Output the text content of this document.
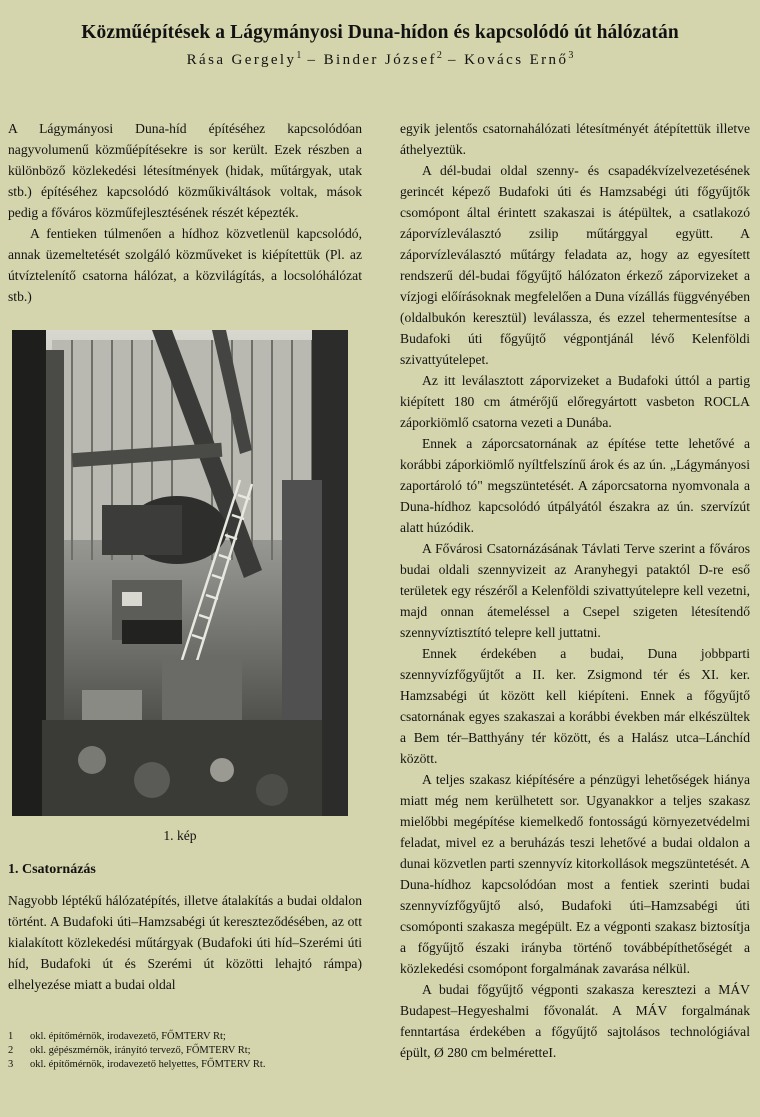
Közműépítések a Lágymányosi Duna-hídon és kapcsolódó út hálózatán
Rása Gergely$^1$ – Binder József$^2$ – Kovács Ernő$^3$

A Lágymányosi Duna-híd építéséhez kapcsolódóan nagyvolumenű közműépítésekre is sor került. Ezek részben a különböző közlekedési létesítmények (hidak, műtárgyak, utak stb.) építéséhez kapcsolódó közműkiváltások voltak, mások pedig a főváros közműfejlesztésének részét képezték.

A fentieken túlmenően a hídhoz közvetlenül kapcsolódó, annak üzemeltetését szolgáló közműveket is kiépítettük (Pl. az útvíztelenítő csatorna hálózat, a közvilágítás, a locsolóhálózat stb.)

1. kép
1. Csatornázás

Nagyobb léptékű hálózatépítés, illetve átalakítás a budai oldalon történt. A Budafoki úti–Hamzsabégi út kereszteződésében, az ott kialakított közlekedési műtárgyak (Budafoki úti híd–Szerémi úti híd, Budafoki út és Szerémi út közötti lehajtó rámpa) elhelyezése miatt a budai oldal

1	okl. építőmérnök, irodavezető, FŐMTERV Rt;
2	okl. gépészmérnök, irányító tervező, FŐMTERV Rt;
3	okl. építőmérnök, irodavezető helyettes, FŐMTERV Rt.

egyik jelentős csatornahálózati létesítményét átépítettük illetve áthelyeztük.

A dél-budai oldal szenny- és csapadékvízelvezetésének gerincét képező Budafoki úti és Hamzsabégi úti főgyűjtők csomópont által érintett szakaszai is átépültek, a csatlakozó záporvízleválasztó zsilip műtárggyal együtt. A záporvízleválasztó műtárgy feladata az, hogy az egyesített rendszerű dél-budai főgyűjtő hálózaton érkező záporvizeket a vízjogi előírásoknak megfelelően a Duna vízállás függvényében (oldalbukón keresztül) leválassza, és ezzel tehermentesítse a Budafoki úti főgyűjtő végpontjánál lévő Kelenföldi szivattyútelepet.

Az itt leválasztott záporvizeket a Budafoki úttól a partig kiépített 180 cm átmérőjű előregyártott vasbeton ROCLA záporkiömlő csatorna vezeti a Dunába.

Ennek a záporcsatornának az építése tette lehetővé a korábbi záporkiömlő nyíltfelszínű árok és az ún. „Lágymányosi zaportároló tó" megszüntetését. A záporcsatorna nyomvonala a Duna-hídhoz kapcsolódó útpályától északra az ún. szervízút alatt húzódik.

A Fővárosi Csatornázásának Távlati Terve szerint a főváros budai oldali szennyvizeit az Aranyhegyi pataktól D-re eső területek egy részéről a Kelenföldi szivattyútelepre kell vezetni, majd onnan átemeléssel a Csepel szigeten létesítendő szennyvíztisztító telepre kell juttatni.

Ennek érdekében a budai, Duna jobbparti szennyvízfőgyűjtőt a II. ker. Zsigmond tér és XI. ker. Hamzsabégi út között kell kiépíteni. Ennek a főgyűjtő csatornának egyes szakaszai a korábbi években már elkészültek a Bem tér–Batthyány tér között, és a Halász utca–Lánchíd között.

A teljes szakasz kiépítésére a pénzügyi lehetőségek hiánya miatt még nem kerülhetett sor. Ugyanakkor a teljes szakasz mielőbbi megépítése kiemelkedő fontosságú környezetvédelmi feladat, mivel ez a beruházás teszi lehetővé a budai oldalon a dunai közvetlen parti szennyvíz kitorkollások megszüntetését. A Duna-hídhoz kapcsolódóan most a fentiek szerinti budai szennyvízfőgyűjtő alsó, Budafoki úti–Hamzsabégi úti csomóponti szakasza megépült. Ez a végponti szakasz biztosítja a főgyűjtő északi irányba történő továbbépíthetőségét a közlekedési csomópont forgalmának zavarása nélkül.

A budai főgyűjtő végponti szakasza keresztezi a MÁV Budapest–Hegyeshalmi fővonalát. A MÁV forgalmának fenntartása érdekében a főgyűjtő sajtolásos technológiával épült, Ø 280 cm belméretteI.
